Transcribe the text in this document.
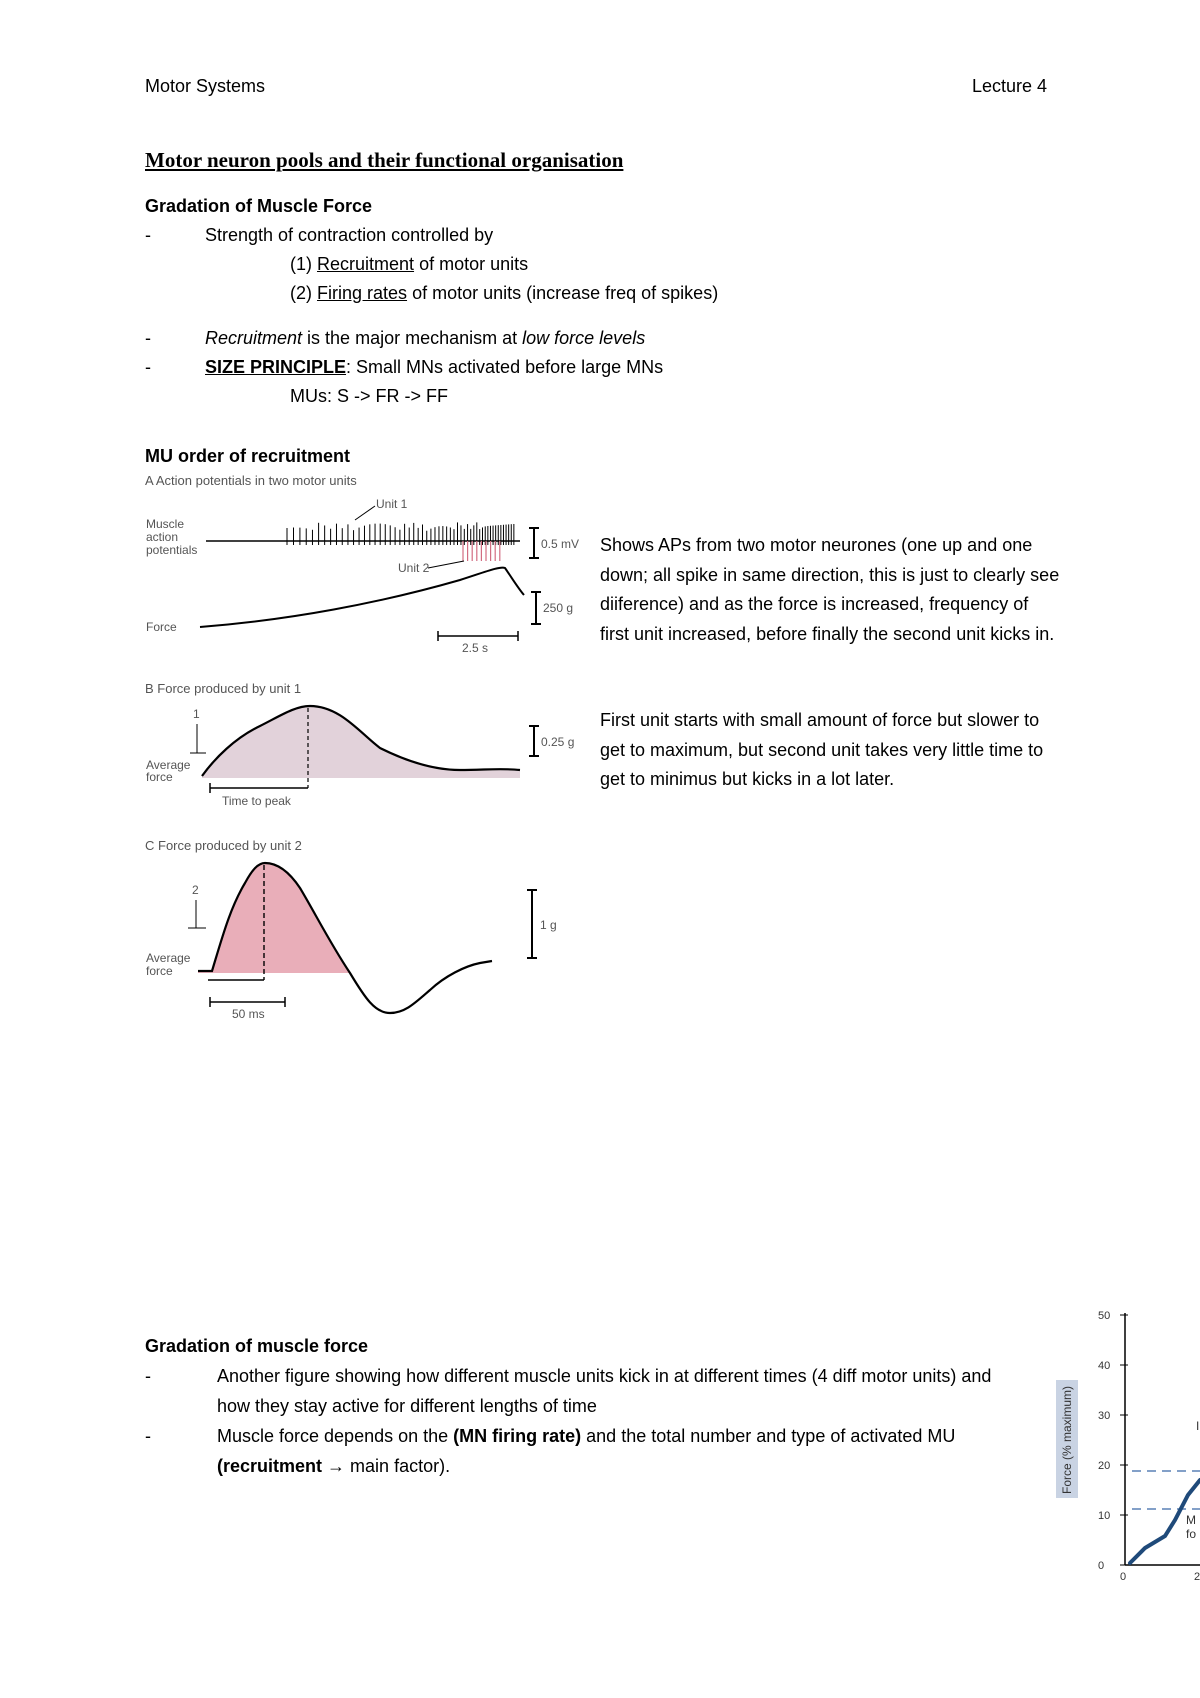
Motor Systems	Lecture 4
Motor neuron pools and their functional organisation
Gradation of Muscle Force
-	Strength of contraction controlled by
(1) Recruitment of motor units
(2) Firing rates of motor units (increase freq of spikes)
-	Recruitment is the major mechanism at low force levels
-	SIZE PRINCIPLE: Small MNs activated before large MNs
MUs: S -> FR -> FF
MU order of recruitment
A Action potentials in two motor units
Muscle
action
potentials
Unit 1
Unit 2
0.5 mV
Force
250 g
2.5 s
B Force produced by unit 1
1
Average
force
Time to peak
0.25 g
C Force produced by unit 2
2
Average
force
50 ms
1 g
Shows APs from two motor neurones (one up and one down; all spike in same direction, this is just to clearly see diiference) and as the force is increased, frequency of first unit increased, before finally the second unit kicks in.
First unit starts with small amount of force but slower to get to maximum, but second unit takes very little time to get to minimus but kicks in a lot later.
Gradation of muscle force
-	Another figure showing how different muscle units kick in at different times (4 diff motor units) and how they stay active for different lengths of time
-	Muscle force depends on the (MN firing rate) and the total number and type of activated MU (recruitment → main factor).	Force (% maximum)
50
40
30
20
10
0
M
fo
I
0	2
